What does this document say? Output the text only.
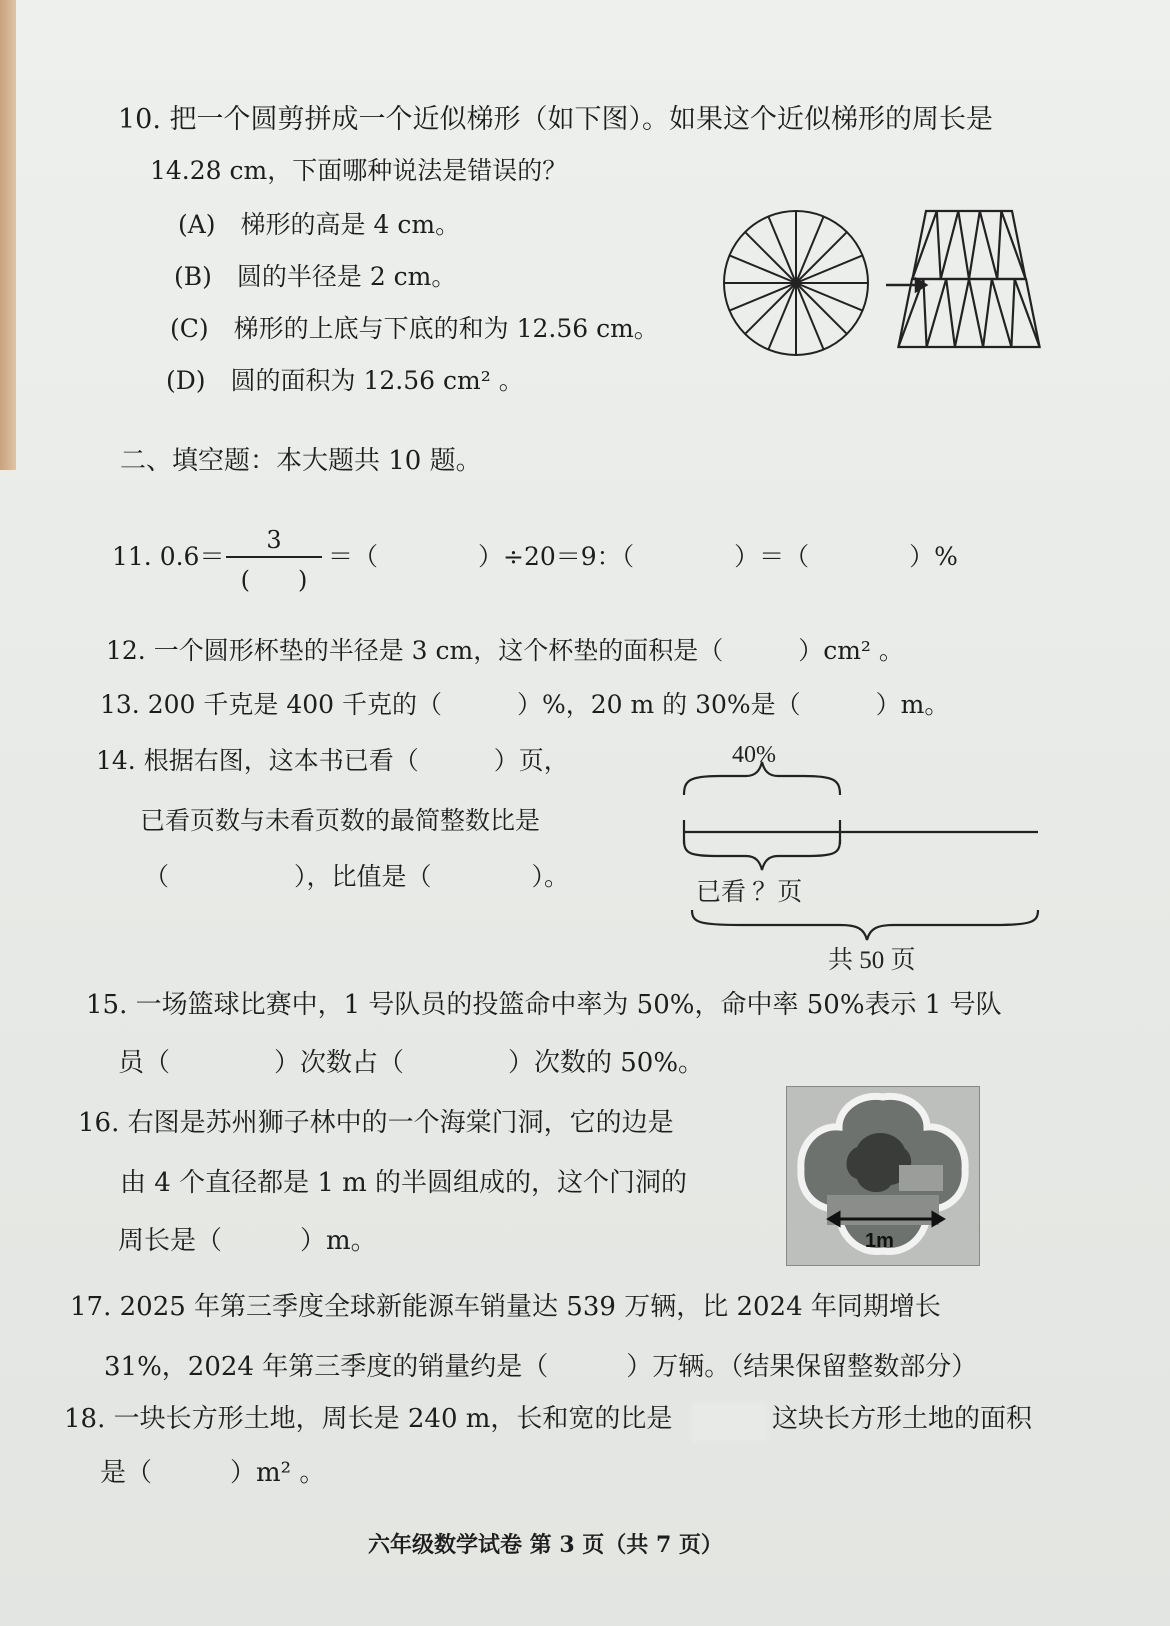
10. 把一个圆剪拼成一个近似梯形（如下图）。如果这个近似梯形的周长是
14.28 cm，下面哪种说法是错误的？
(A)　梯形的高是 4 cm。
(B)　圆的半径是 2 cm。
(C)　梯形的上底与下底的和为 12.56 cm。
(D)　圆的面积为 12.56 cm² 。
二、填空题：本大题共 10 题。
11. 0.6＝
3
(　　)
＝（　　　　）÷20＝9：（　　　　）＝（　　　　）%
12. 一个圆形杯垫的半径是 3 cm，这个杯垫的面积是（　　　）cm² 。
13. 200 千克是 400 千克的（　　　）%，20 m 的 30%是（　　　）m。
14. 根据右图，这本书已看（　　　）页，
已看页数与未看页数的最简整数比是
（　　　　　），比值是（　　　　）。
40%
已看 ？页
共 50 页
15. 一场篮球比赛中，1 号队员的投篮命中率为 50%，命中率 50%表示 1 号队
员（　　　　）次数占（　　　　）次数的 50%。
16. 右图是苏州狮子林中的一个海棠门洞，它的边是
由 4 个直径都是 1 m 的半圆组成的，这个门洞的
周长是（　　　）m。	1m
17. 2025 年第三季度全球新能源车销量达 539 万辆，比 2024 年同期增长
31%，2024 年第三季度的销量约是（　　　）万辆。（结果保留整数部分）
18. 一块长方形土地，周长是 240 m，长和宽的比是	这块长方形土地的面积
是（　　　）m² 。
六年级数学试卷 第 3 页（共 7 页）
